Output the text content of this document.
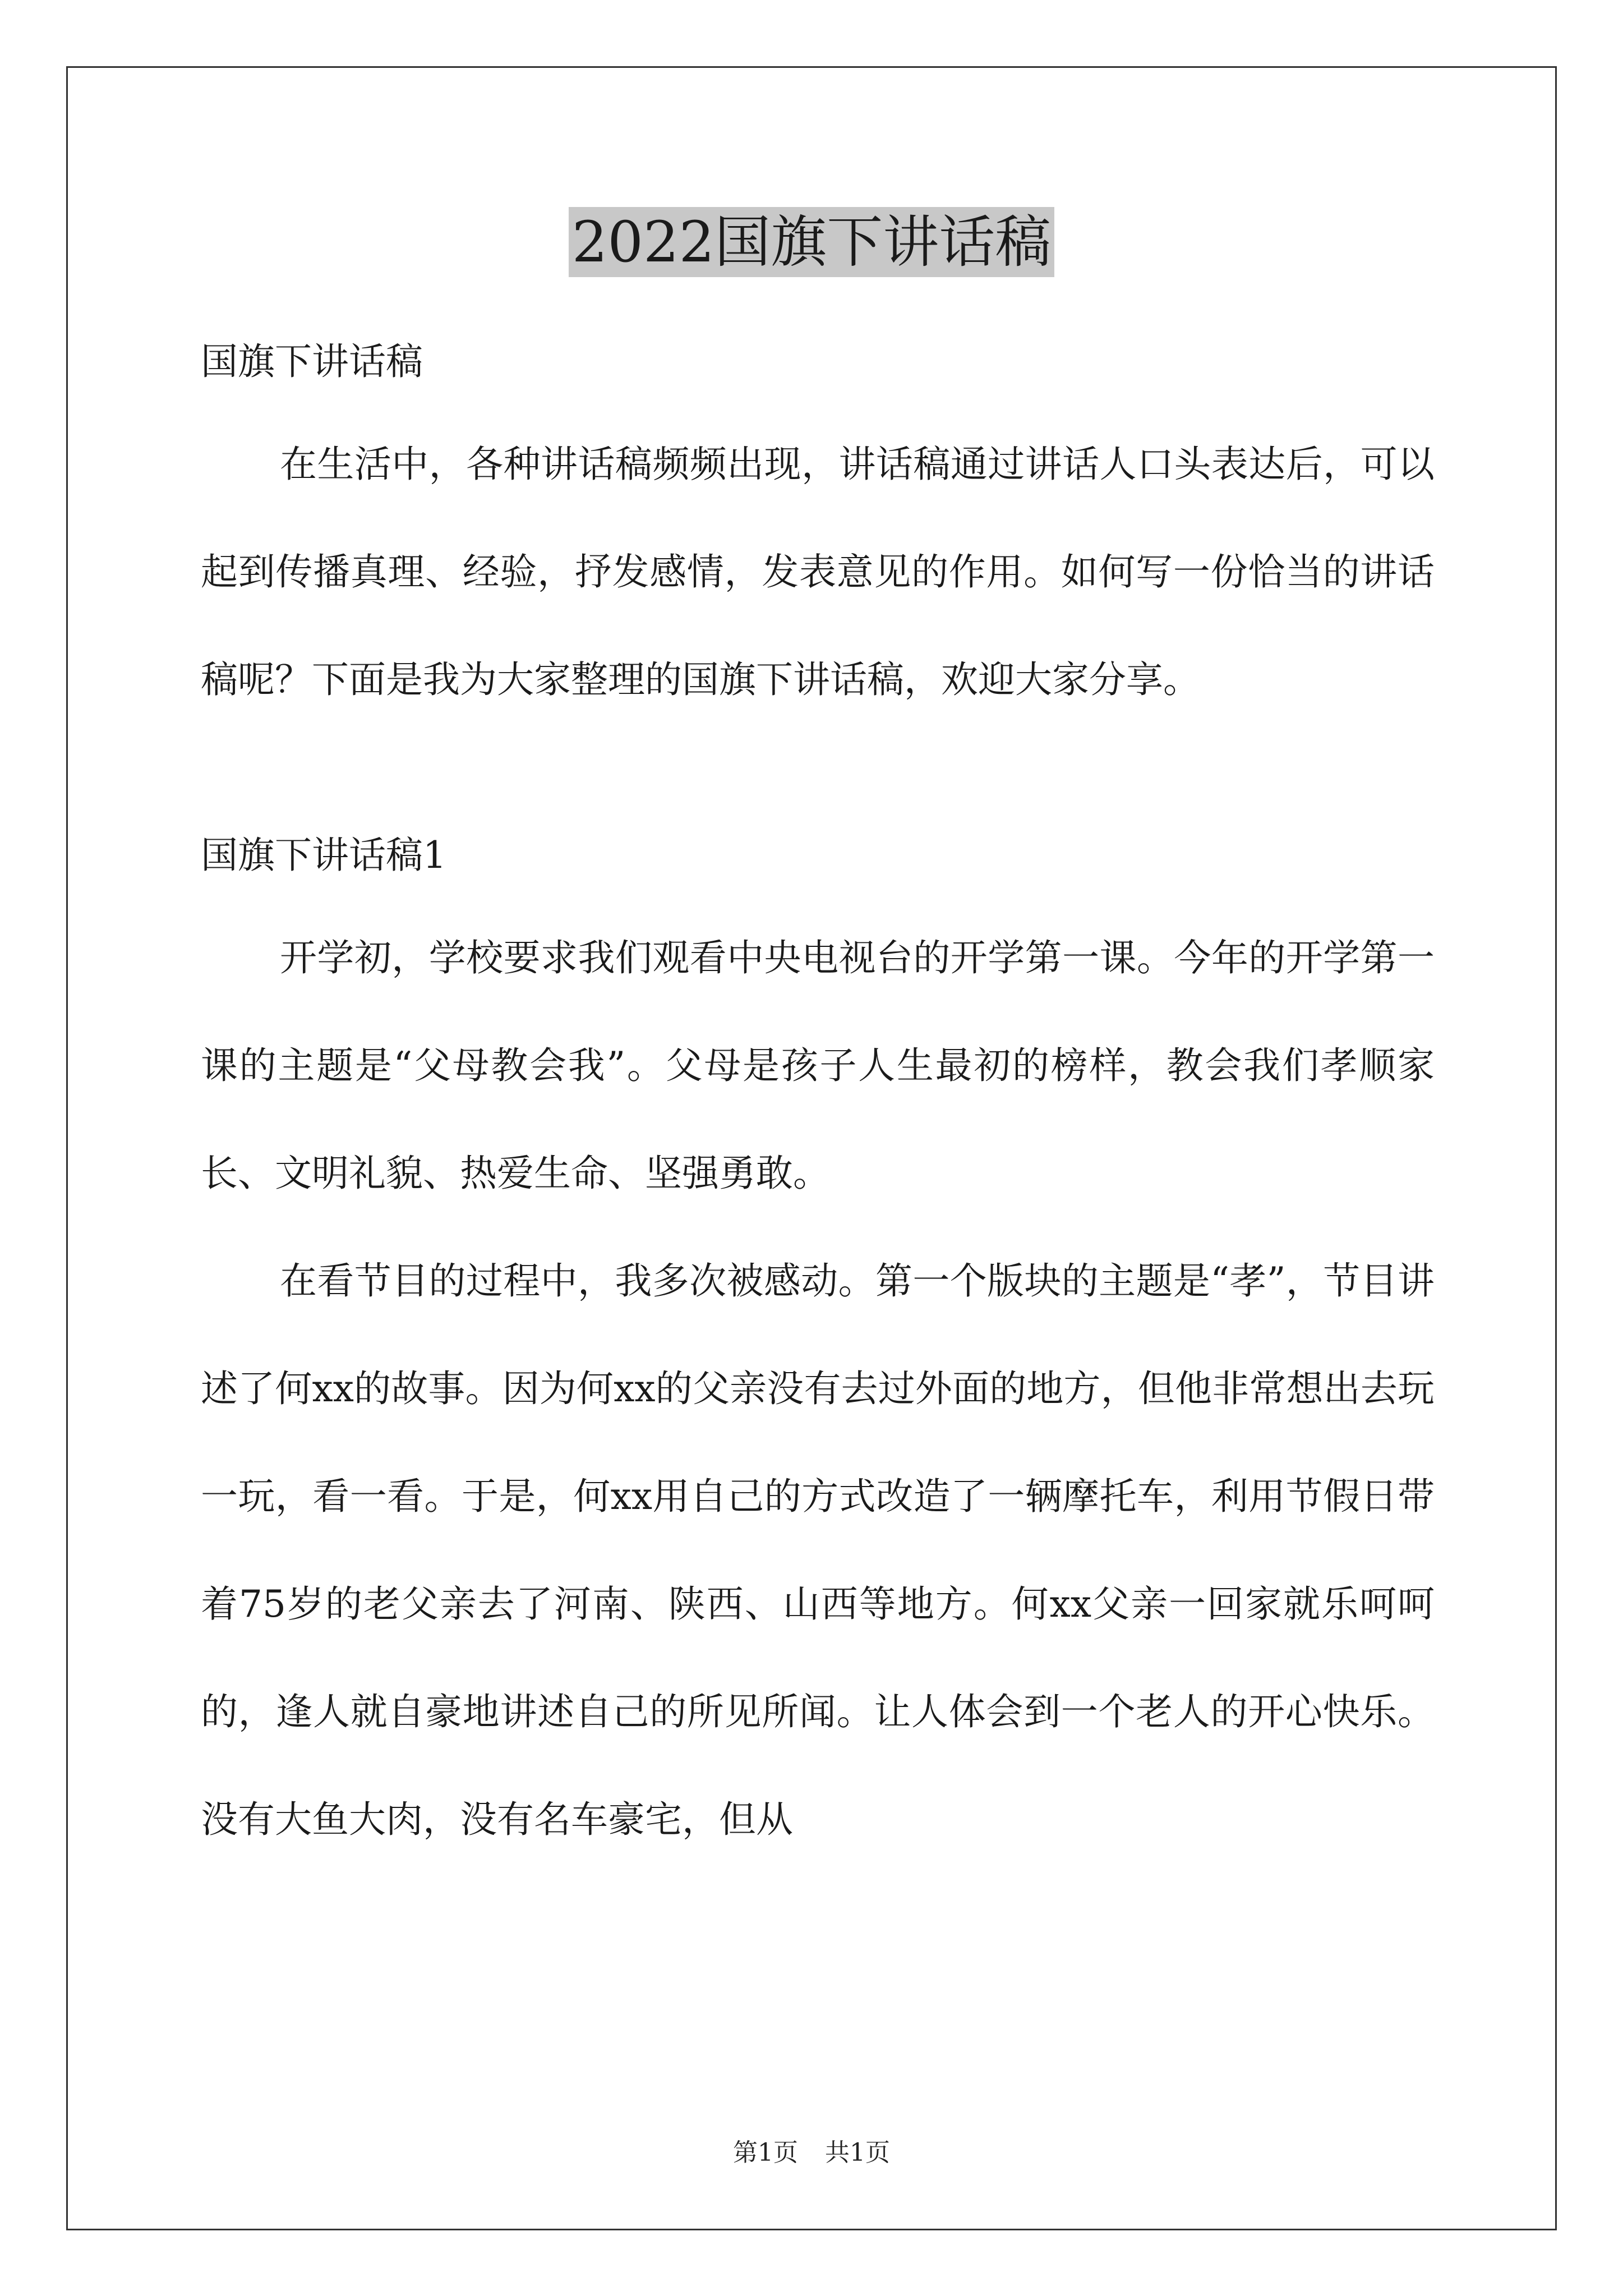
2022国旗下讲话稿

国旗下讲话稿

在生活中，各种讲话稿频频出现，讲话稿通过讲话人口头表达后，可以起到传播真理、经验，抒发感情，发表意见的作用。如何写一份恰当的讲话稿呢？下面是我为大家整理的国旗下讲话稿，欢迎大家分享。

国旗下讲话稿1

开学初，学校要求我们观看中央电视台的开学第一课。今年的开学第一课的主题是“父母教会我”。父母是孩子人生最初的榜样，教会我们孝顺家长、文明礼貌、热爱生命、坚强勇敢。

在看节目的过程中，我多次被感动。第一个版块的主题是“孝”，节目讲述了何xx的故事。因为何xx的父亲没有去过外面的地方，但他非常想出去玩一玩，看一看。于是，何xx用自己的方式改造了一辆摩托车，利用节假日带着75岁的老父亲去了河南、陕西、山西等地方。何xx父亲一回家就乐呵呵的，逢人就自豪地讲述自己的所见所闻。让人体会到一个老人的开心快乐。没有大鱼大肉，没有名车豪宅，但从

第1页 共1页
